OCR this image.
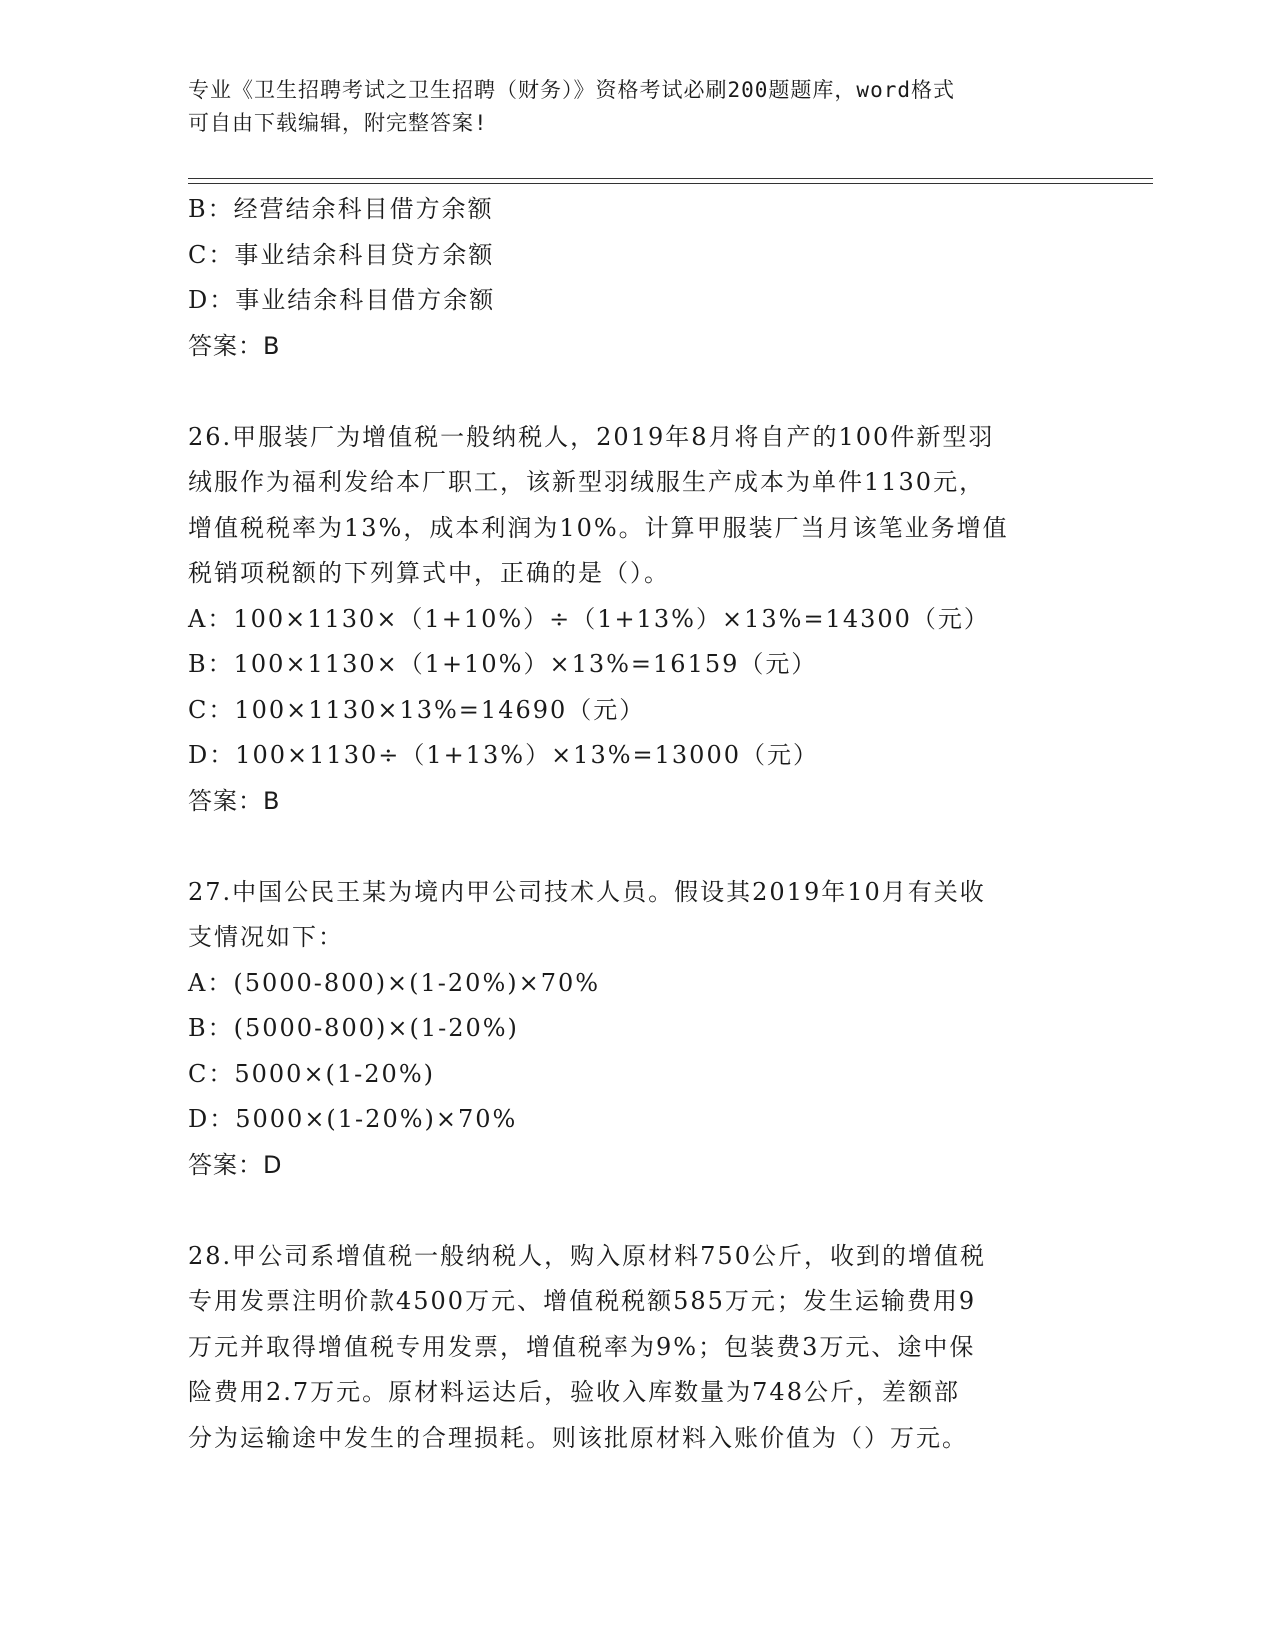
专业《卫生招聘考试之卫生招聘（财务）》资格考试必刷200题题库，word格式
可自由下载编辑，附完整答案!
B：经营结余科目借方余额
C：事业结余科目贷方余额
D：事业结余科目借方余额
答案：B
26.甲服装厂为增值税一般纳税人，2019年8月将自产的100件新型羽
绒服作为福利发给本厂职工，该新型羽绒服生产成本为单件1130元，
增值税税率为13%，成本利润为10%。计算甲服装厂当月该笔业务增值
税销项税额的下列算式中，正确的是（）。
A：100×1130×（1+10%）÷（1+13%）×13%=14300（元）
B：100×1130×（1+10%）×13%=16159（元）
C：100×1130×13%=14690（元）
D：100×1130÷（1+13%）×13%=13000（元）
答案：B
27.中国公民王某为境内甲公司技术人员。假设其2019年10月有关收
支情况如下：
A：(5000-800)×(1-20%)×70%
B：(5000-800)×(1-20%)
C：5000×(1-20%)
D：5000×(1-20%)×70%
答案：D
28.甲公司系增值税一般纳税人，购入原材料750公斤，收到的增值税
专用发票注明价款4500万元、增值税税额585万元；发生运输费用9
万元并取得增值税专用发票，增值税率为9%；包装费3万元、途中保
险费用2.7万元。原材料运达后，验收入库数量为748公斤，差额部
分为运输途中发生的合理损耗。则该批原材料入账价值为（）万元。
